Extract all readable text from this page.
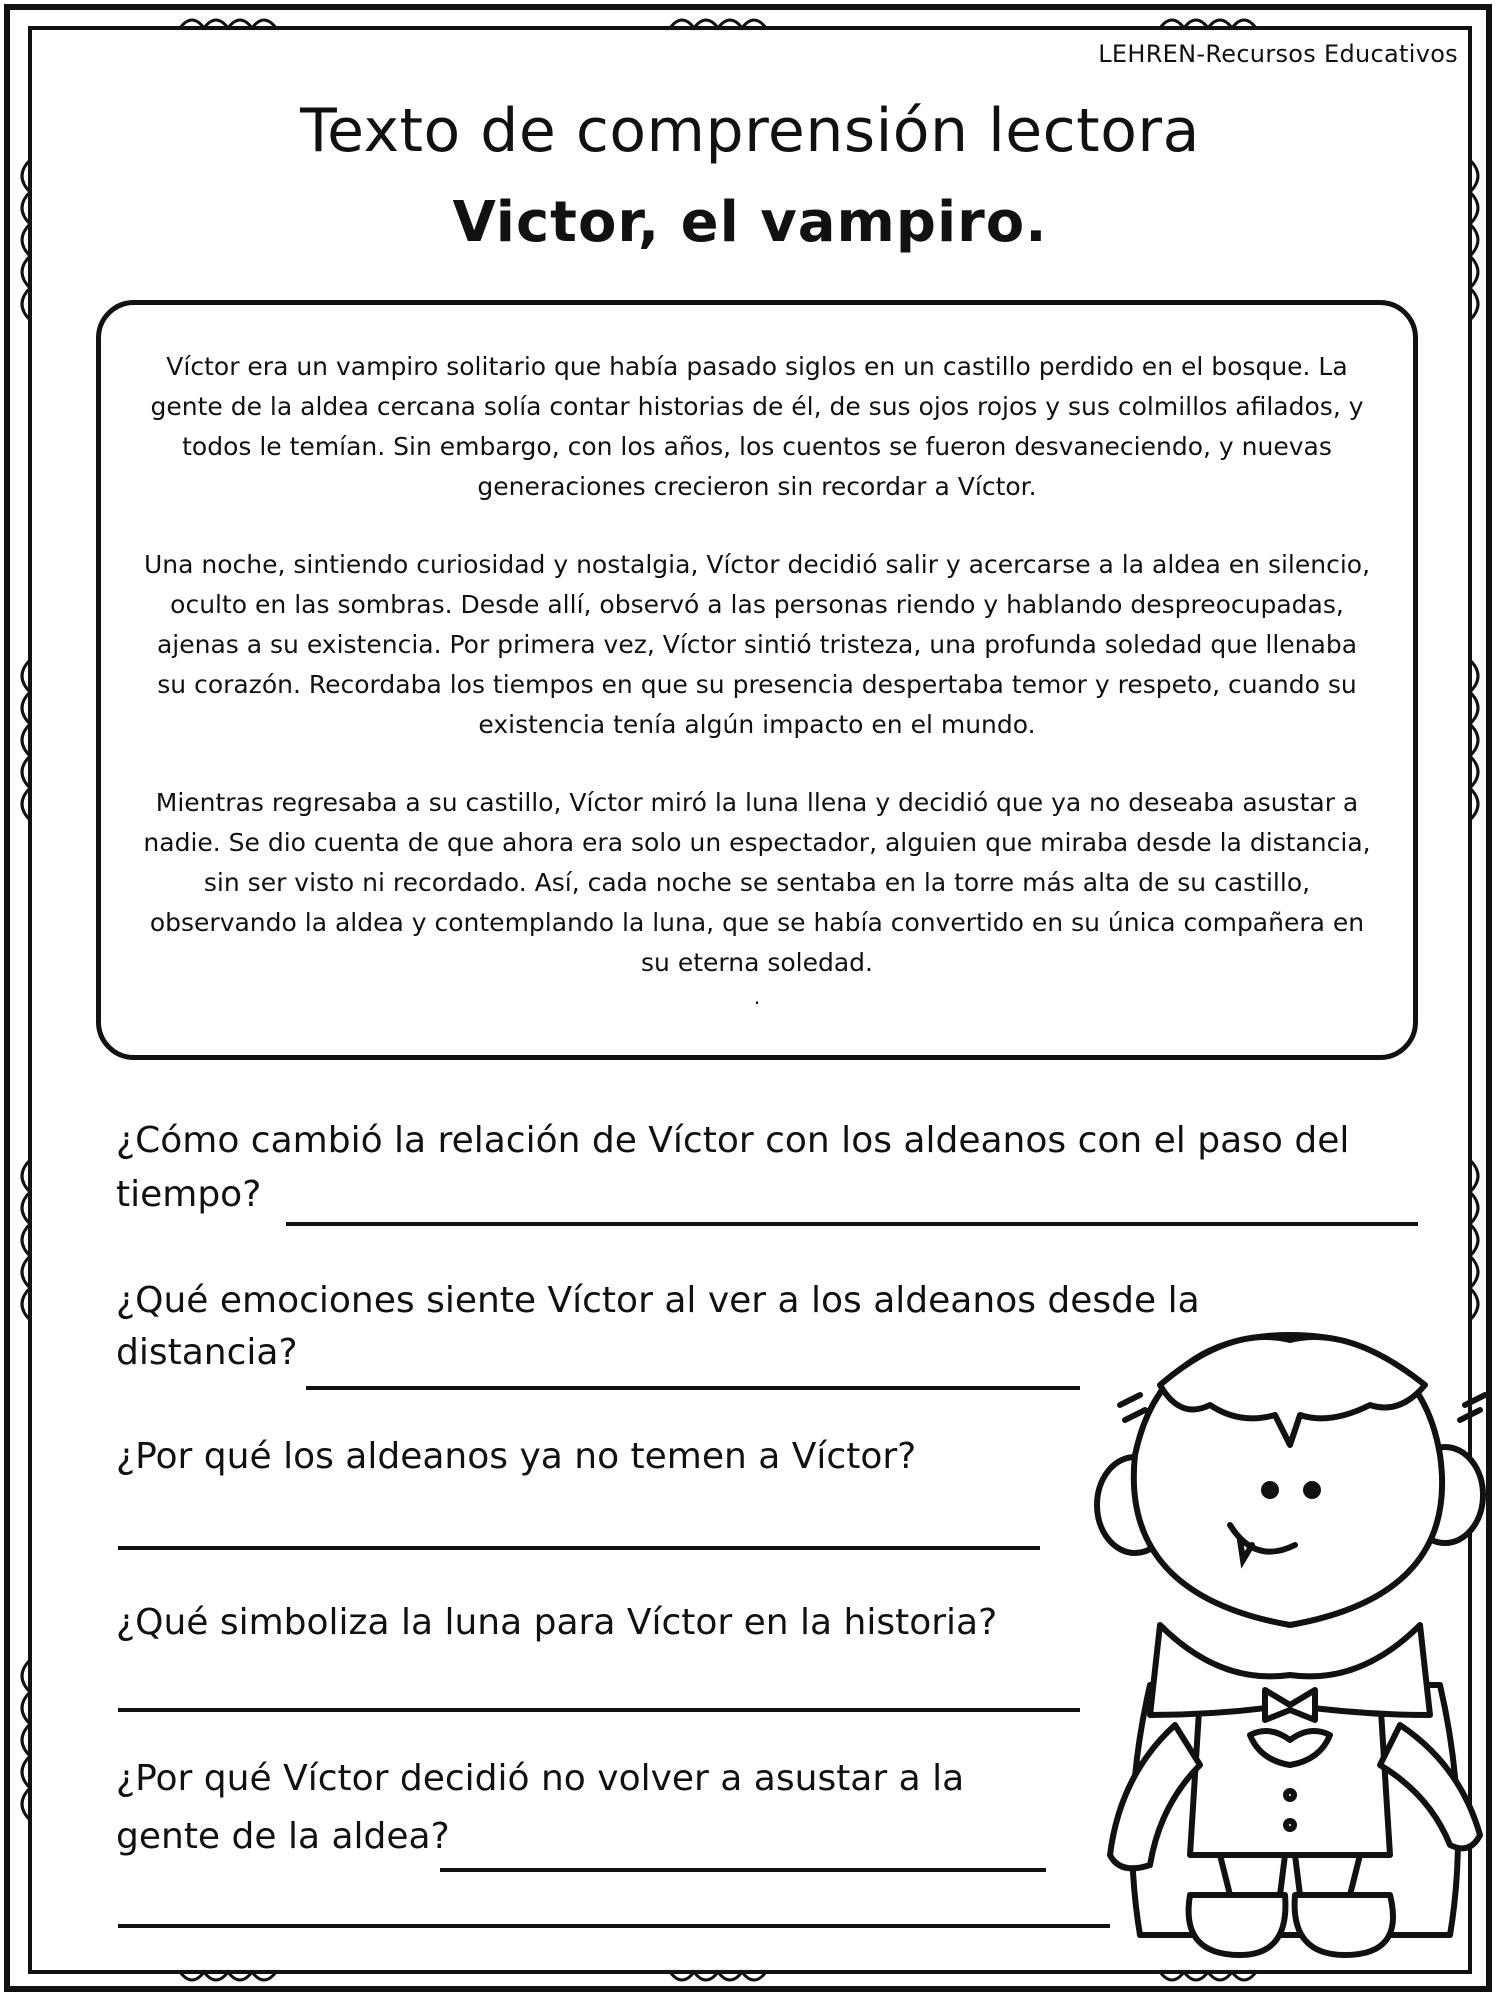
LEHREN-Recursos Educativos
Texto de comprensión lectora
Victor, el vampiro.

Víctor era un vampiro solitario que había pasado siglos en un castillo perdido en el bosque. La gente de la aldea cercana solía contar historias de él, de sus ojos rojos y sus colmillos afilados, y todos le temían. Sin embargo, con los años, los cuentos se fueron desvaneciendo, y nuevas generaciones crecieron sin recordar a Víctor.

Una noche, sintiendo curiosidad y nostalgia, Víctor decidió salir y acercarse a la aldea en silencio, oculto en las sombras. Desde allí, observó a las personas riendo y hablando despreocupadas, ajenas a su existencia. Por primera vez, Víctor sintió tristeza, una profunda soledad que llenaba su corazón. Recordaba los tiempos en que su presencia despertaba temor y respeto, cuando su existencia tenía algún impacto en el mundo.

Mientras regresaba a su castillo, Víctor miró la luna llena y decidió que ya no deseaba asustar a nadie. Se dio cuenta de que ahora era solo un espectador, alguien que miraba desde la distancia, sin ser visto ni recordado. Así, cada noche se sentaba en la torre más alta de su castillo, observando la aldea y contemplando la luna, que se había convertido en su única compañera en su eterna soledad.

.

¿Cómo cambió la relación de Víctor con los aldeanos con el paso del
tiempo?
¿Qué emociones siente Víctor al ver a los aldeanos desde la
distancia?
¿Por qué los aldeanos ya no temen a Víctor?
¿Qué simboliza la luna para Víctor en la historia?
¿Por qué Víctor decidió no volver a asustar a la
gente de la aldea?
